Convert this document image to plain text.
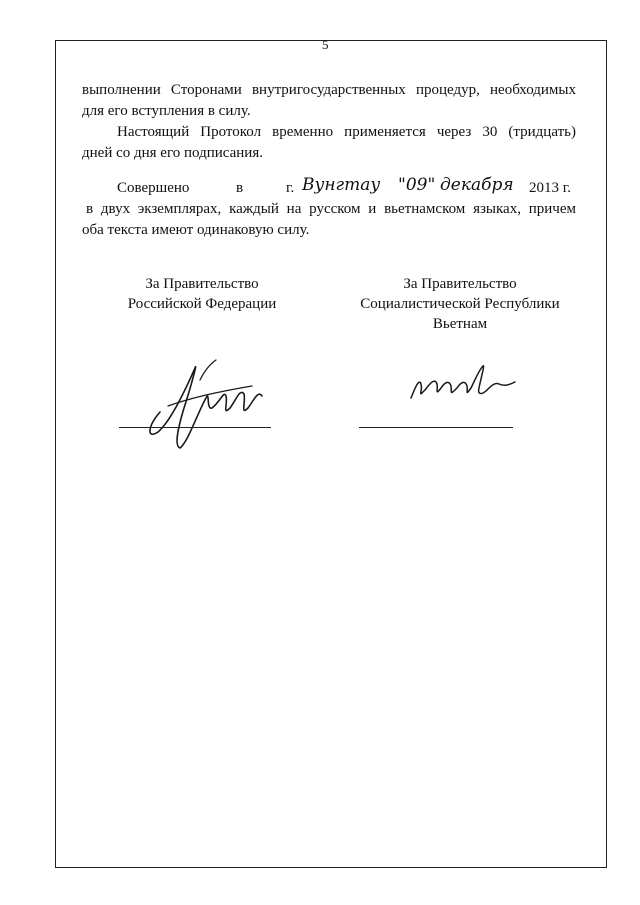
5
выполнении Сторонами внутригосударственных процедур, необходимых
для его вступления в силу.
Настоящий Протокол временно применяется через 30 (тридцать)
дней со дня его подписания.
Совершено	в	г. Вунгтау "09" декабря 2013 г.
в двух экземплярах, каждый на русском и вьетнамском языках, причем
оба текста имеют одинаковую силу.
За Правительство
Российской Федерации
За Правительство
Социалистической Республики
Вьетнам
